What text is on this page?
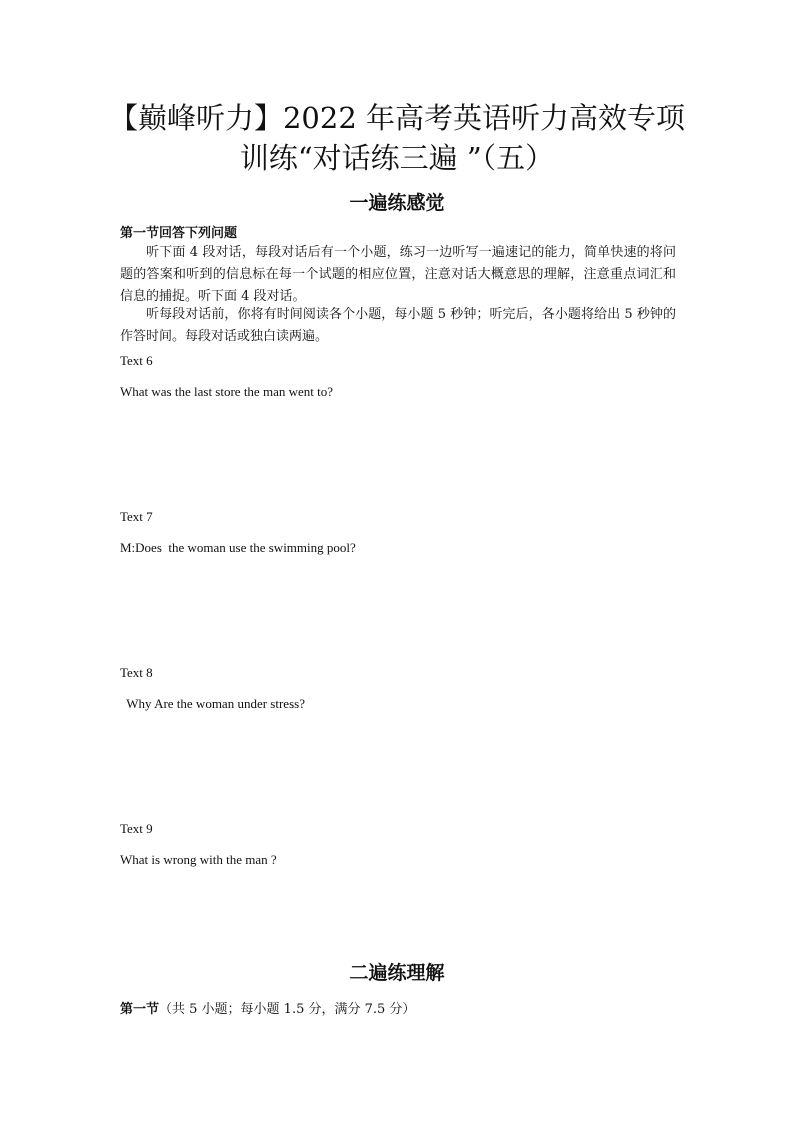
【巅峰听力】2022 年高考英语听力高效专项
训练“对话练三遍 ”（五）
一遍练感觉

第一节回答下列问题

听下面 4 段对话，每段对话后有一个小题，练习一边听写一遍速记的能力，简单快速的将问题的答案和听到的信息标在每一个试题的相应位置，注意对话大概意思的理解，注意重点词汇和信息的捕捉。听下面 4 段对话。

听每段对话前，你将有时间阅读各个小题，每小题 5 秒钟；听完后，各小题将给出 5 秒钟的作答时间。每段对话或独白读两遍。

Text 6

What was the last store the man went to?

Text 7

M:Does  the woman use the swimming pool?

Text 8

Why Are the woman under stress?

Text 9

What is wrong with the man ?

二遍练理解

第一节（共 5 小题；每小题 1.5 分，满分 7.5 分）
